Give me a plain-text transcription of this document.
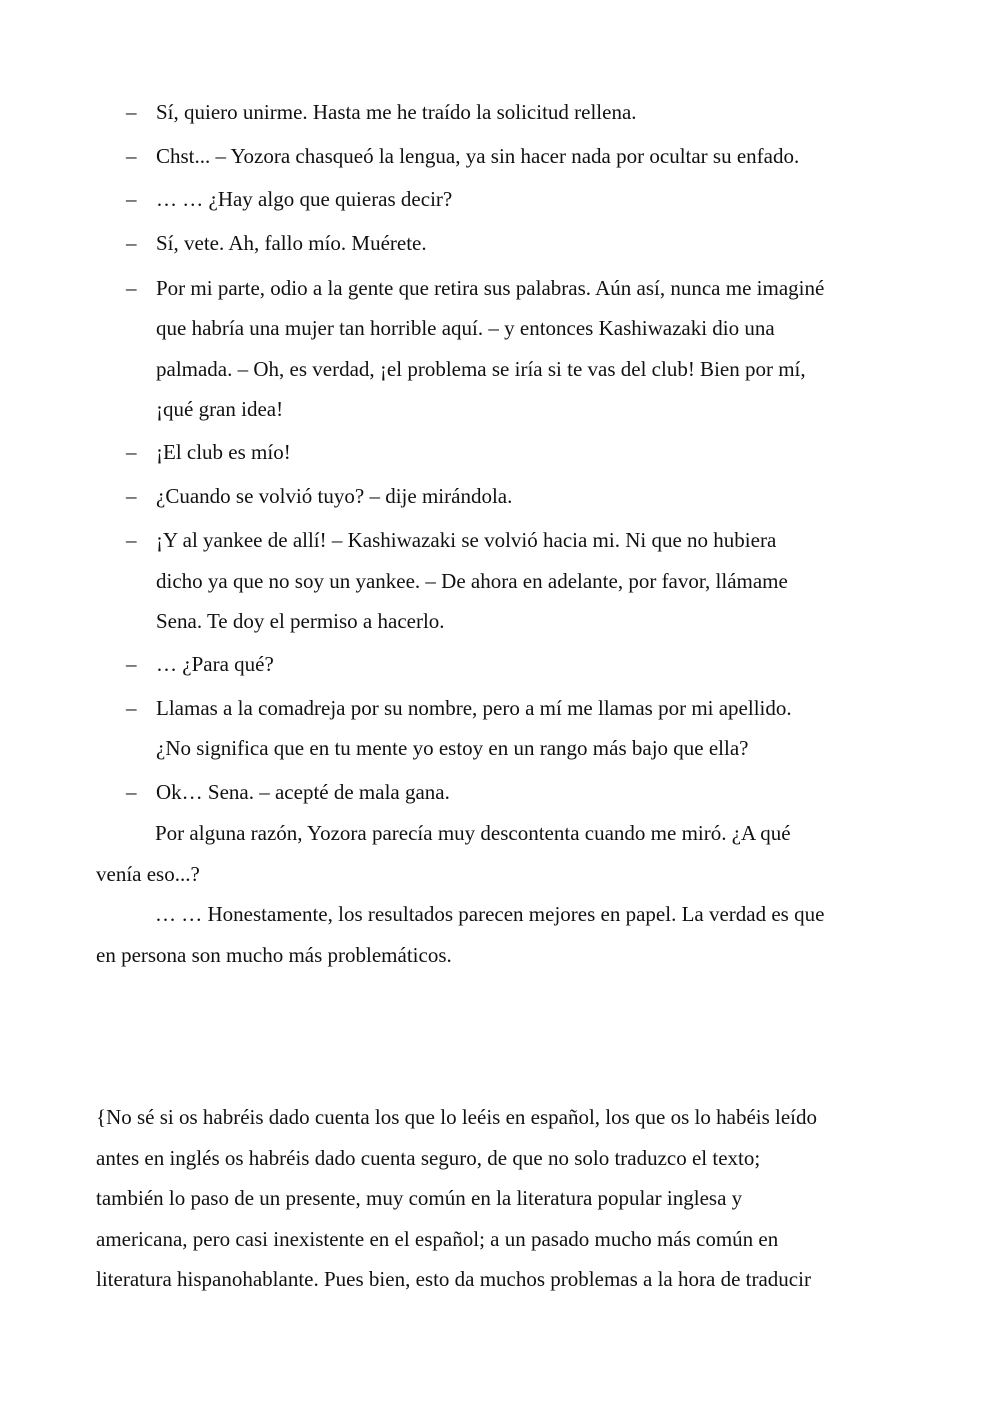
– Sí, quiero unirme. Hasta me he traído la solicitud rellena.
– Chst... – Yozora chasqueó la lengua, ya sin hacer nada por ocultar su enfado.
– … … ¿Hay algo que quieras decir?
– Sí, vete. Ah, fallo mío. Muérete.
– Por mi parte, odio a la gente que retira sus palabras. Aún así, nunca me imaginé
que habría una mujer tan horrible aquí. – y entonces Kashiwazaki dio una
palmada. – Oh, es verdad, ¡el problema se iría si te vas del club! Bien por mí,
¡qué gran idea!
– ¡El club es mío!
– ¿Cuando se volvió tuyo? – dije mirándola.
– ¡Y al yankee de allí! – Kashiwazaki se volvió hacia mi. Ni que no hubiera
dicho ya que no soy un yankee. – De ahora en adelante, por favor, llámame
Sena. Te doy el permiso a hacerlo.
– … ¿Para qué?
– Llamas a la comadreja por su nombre, pero a mí me llamas por mi apellido.
¿No significa que en tu mente yo estoy en un rango más bajo que ella?
– Ok… Sena. – acepté de mala gana.
Por alguna razón, Yozora parecía muy descontenta cuando me miró. ¿A qué
venía eso...?
… … Honestamente, los resultados parecen mejores en papel. La verdad es que
en persona son mucho más problemáticos.
{No sé si os habréis dado cuenta los que lo leéis en español, los que os lo habéis leído
antes en inglés os habréis dado cuenta seguro, de que no solo traduzco el texto;
también lo paso de un presente, muy común en la literatura popular inglesa y
americana, pero casi inexistente en el español; a un pasado mucho más común en
literatura hispanohablante. Pues bien, esto da muchos problemas a la hora de traducir
